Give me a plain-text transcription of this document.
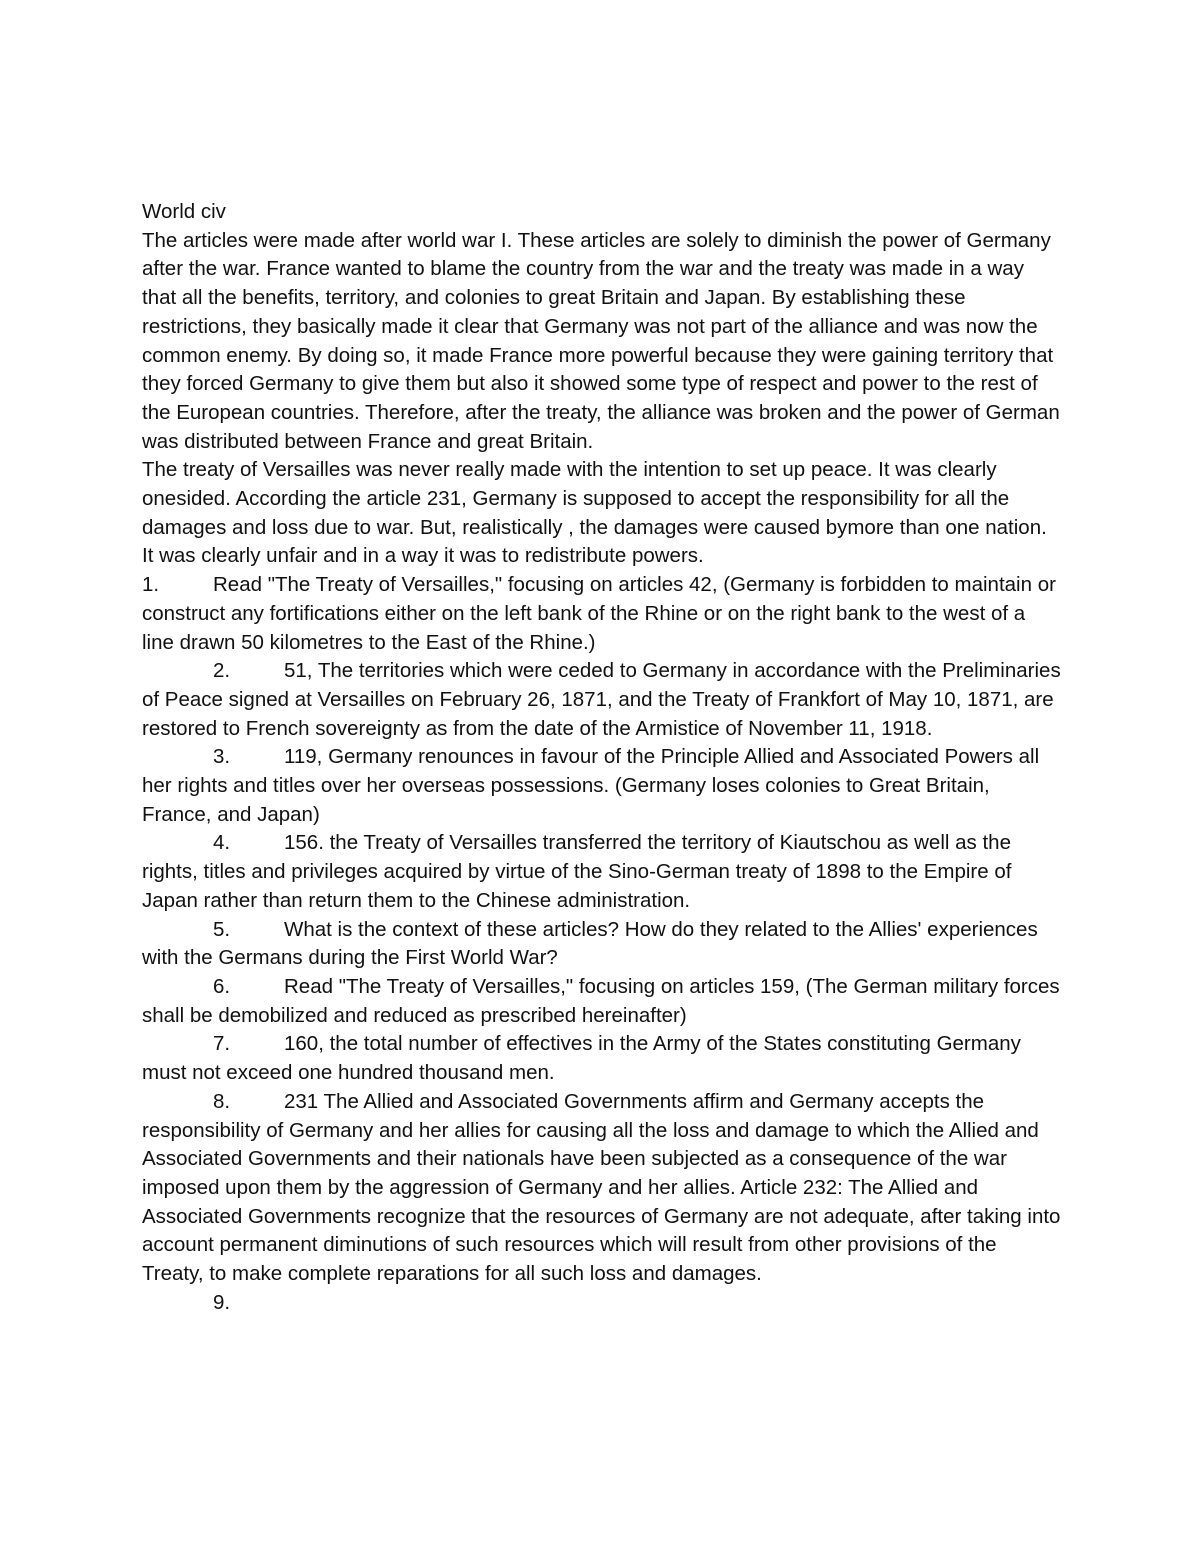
World civ

The articles were made after world war I. These articles are solely to diminish the power of Germany after the war. France wanted to blame the country from the war and the treaty was made in a way that all the benefits, territory, and colonies to great Britain and Japan. By establishing these restrictions, they basically made it clear that Germany was not part of the alliance and was now the common enemy. By doing so, it made France more powerful because they were gaining territory that they forced Germany to give them but also it showed some type of respect and power to the rest of the European countries. Therefore, after the treaty, the alliance was broken and the power of German was distributed between France and great Britain.

The treaty of Versailles was never really made with the intention to set up peace. It was clearly onesided. According the article 231, Germany is supposed to accept the responsibility for all the damages and loss due to war. But, realistically , the damages were caused bymore than one nation. It was clearly unfair and in a way it was to redistribute powers.

1.	Read "The Treaty of Versailles," focusing on articles 42, (Germany is forbidden to maintain or construct any fortifications either on the left bank of the Rhine or on the right bank to the west of a line drawn 50 kilometres to the East of the Rhine.)

2.	51, The territories which were ceded to Germany in accordance with the Preliminaries of Peace signed at Versailles on February 26, 1871, and the Treaty of Frankfort of May 10, 1871, are restored to French sovereignty as from the date of the Armistice of November 11, 1918.

3.	119, Germany renounces in favour of the Principle Allied and Associated Powers all her rights and titles over her overseas possessions. (Germany loses colonies to Great Britain, France, and Japan)

4.	156. the Treaty of Versailles transferred the territory of Kiautschou as well as the rights, titles and privileges acquired by virtue of the Sino-German treaty of 1898 to the Empire of Japan rather than return them to the Chinese administration.

5.	What is the context of these articles? How do they related to the Allies' experiences with the Germans during the First World War?

6.	Read "The Treaty of Versailles," focusing on articles 159, (The German military forces shall be demobilized and reduced as prescribed hereinafter)

7.	160, the total number of effectives in the Army of the States constituting Germany must not exceed one hundred thousand men.

8.	231 The Allied and Associated Governments affirm and Germany accepts the responsibility of Germany and her allies for causing all the loss and damage to which the Allied and Associated Governments and their nationals have been subjected as a consequence of the war imposed upon them by the aggression of Germany and her allies. Article 232: The Allied and Associated Governments recognize that the resources of Germany are not adequate, after taking into account permanent diminutions of such resources which will result from other provisions of the Treaty, to make complete reparations for all such loss and damages.

9.
